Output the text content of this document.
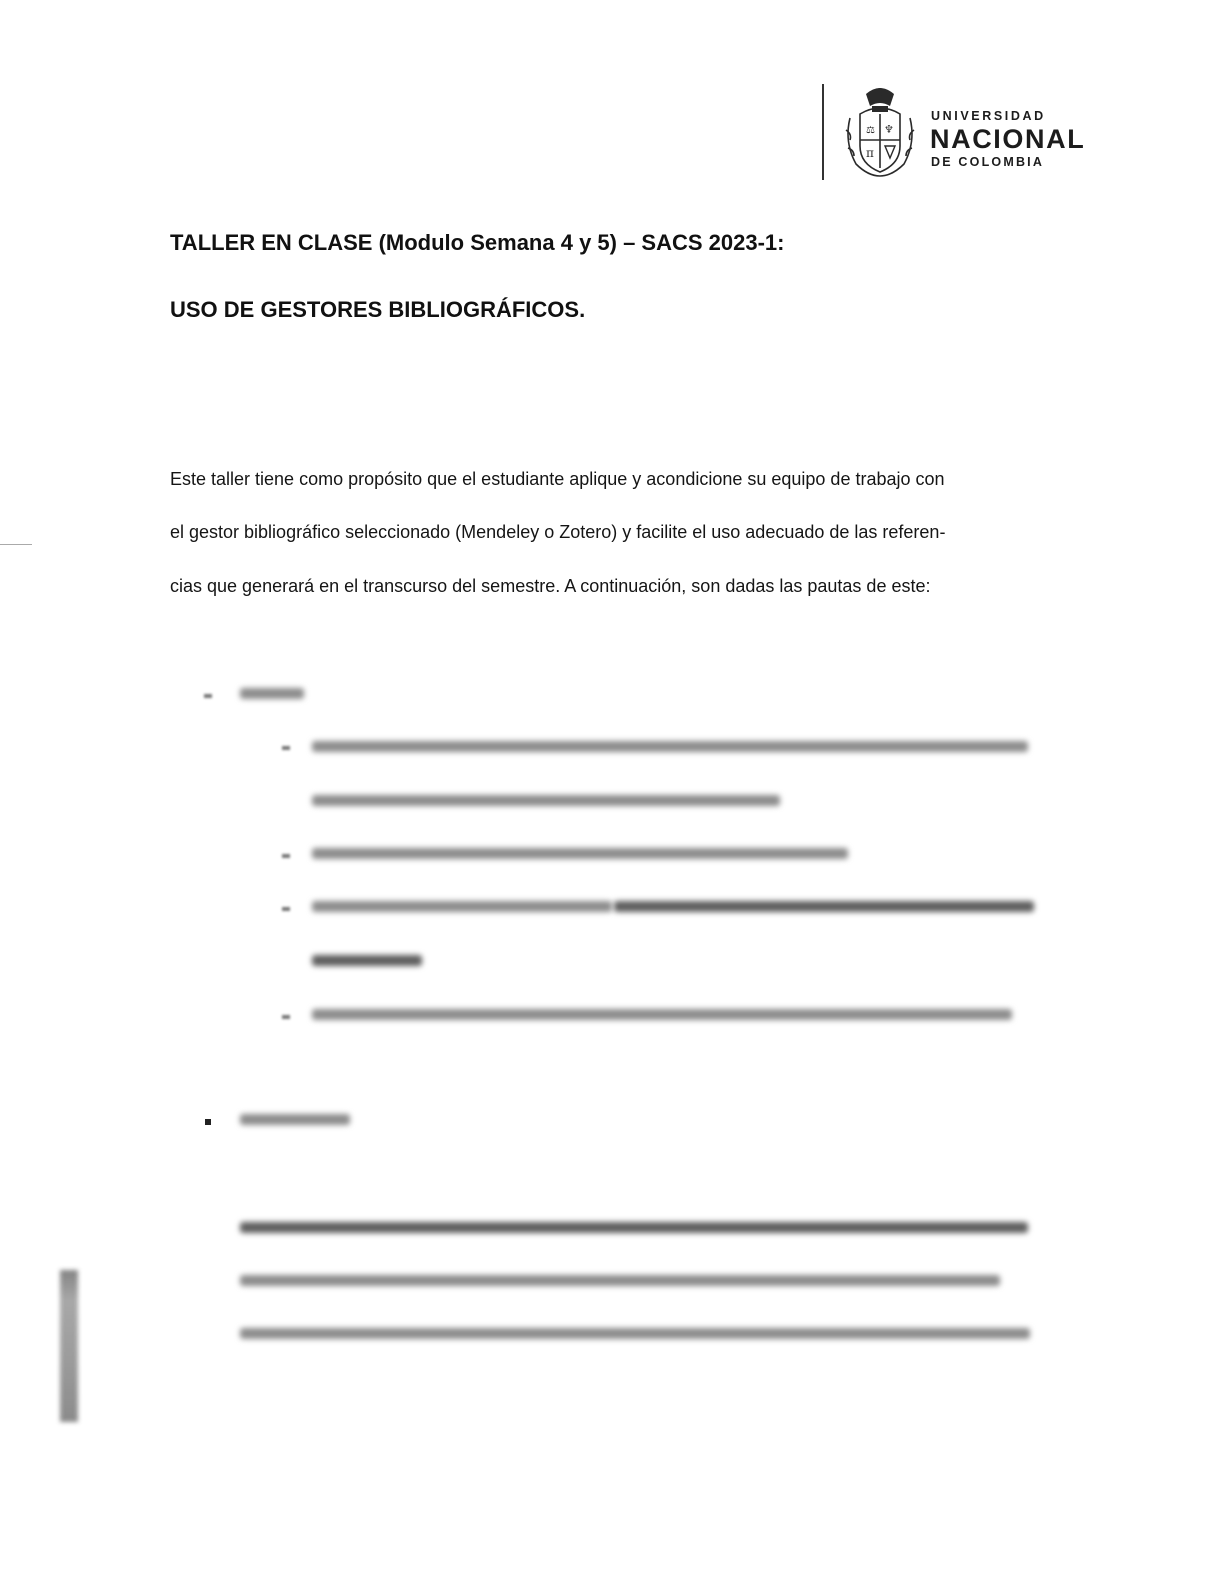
⚖ ♆
π
UNIVERSIDAD
NACIONAL
DE COLOMBIA
TALLER EN CLASE (Modulo Semana 4 y 5) – SACS 2023-1:
USO DE GESTORES BIBLIOGRÁFICOS.

Este taller tiene como propósito que el estudiante aplique y acondicione su equipo de trabajo con

el gestor bibliográfico seleccionado (Mendeley o Zotero) y facilite el uso adecuado de las referen-

cias que generará en el transcurso del semestre. A continuación, son dadas las pautas de este:
